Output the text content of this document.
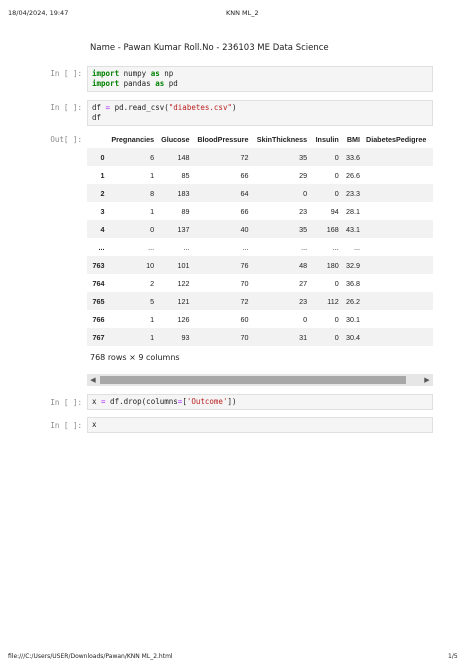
18/04/2024, 19:47	KNN ML_2
Name - Pawan Kumar Roll.No - 236103 ME Data Science
In [ ]:	import numpy as np
import pandas as pd
In [ ]:	df = pd.read_csv("diabetes.csv")
df
Out[ ]:
		Pregnancies	Glucose	BloodPressure	SkinThickness	Insulin	BMI	DiabetesPedigree
0	6	148	72	35	0	33.6	
1	1	85	66	29	0	26.6	
2	8	183	64	0	0	23.3	
3	1	89	66	23	94	28.1	
4	0	137	40	35	168	43.1	
...	...	...	...	...	...	...	
763	10	101	76	48	180	32.9	
764	2	122	70	27	0	36.8	
765	5	121	72	23	112	26.2	
766	1	126	60	0	0	30.1	
767	1	93	70	31	0	30.4	
768 rows × 9 columns
◀	▶
In [ ]:	x = df.drop(columns=['Outcome'])
In [ ]:	x
file:///C:/Users/USER/Downloads/Pawan/KNN ML_2.html	1/5
